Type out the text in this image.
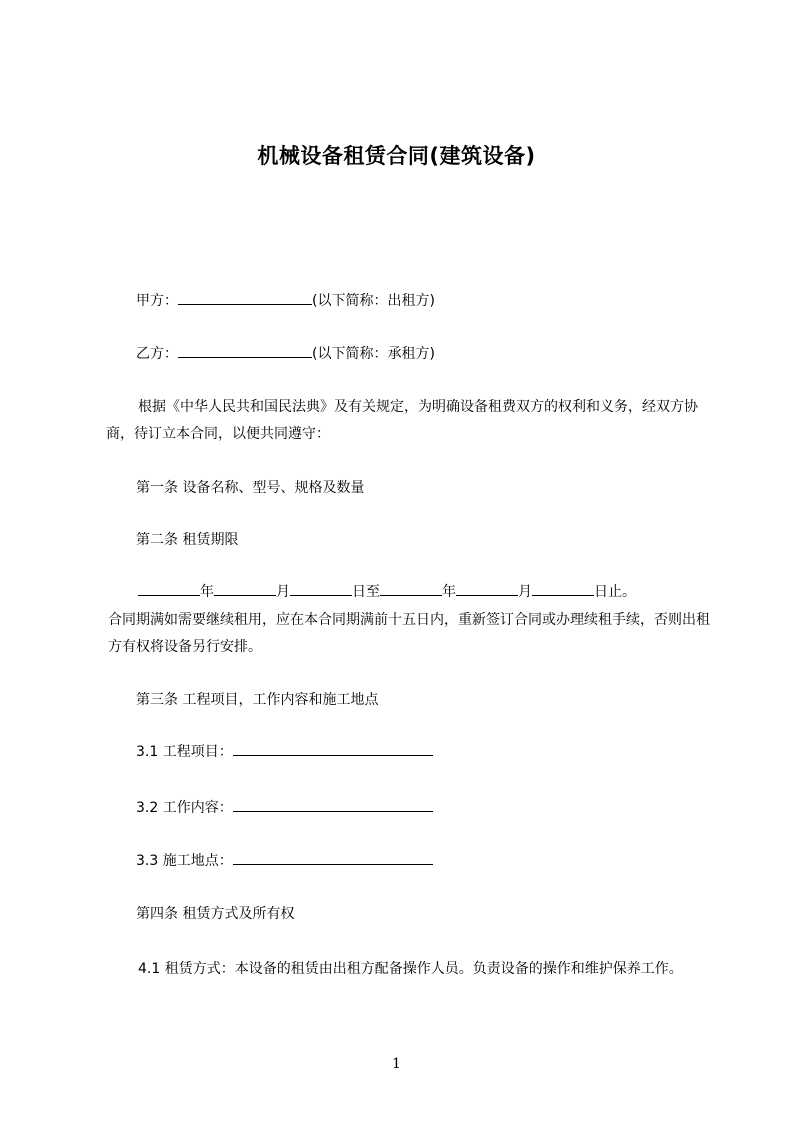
机械设备租赁合同(建筑设备)
甲方：	(以下简称：出租方)
乙方：	(以下简称：承租方)
根据《中华人民共和国民法典》及有关规定，为明确设备租费双方的权利和义务，经双方协商，待订立本合同，以便共同遵守：
第一条 设备名称、型号、规格及数量
第二条 租赁期限
年	月	日至	年	月	日止。
合同期满如需要继续租用，应在本合同期满前十五日内，重新签订合同或办理续租手续，否则出租方有权将设备另行安排。
第三条 工程项目，工作内容和施工地点
3.1 工程项目：
3.2 工作内容：
3.3 施工地点：
第四条 租赁方式及所有权
4.1 租赁方式：本设备的租赁由出租方配备操作人员。负责设备的操作和维护保养工作。
1
